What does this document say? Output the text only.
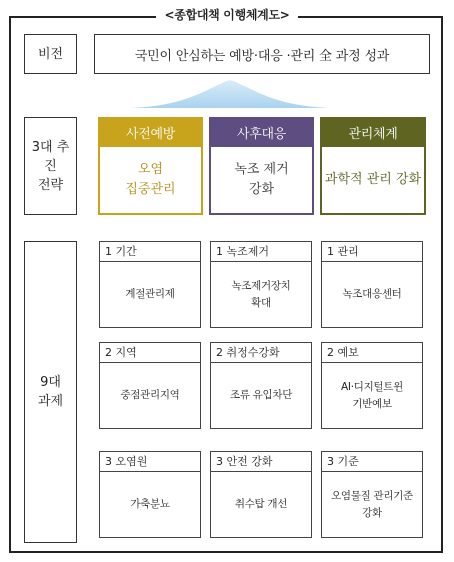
<종합대책 이행체계도>
비전	국민이 안심하는 예방·대응 ·관리 全 과정 성과
3대 추
진
전략
사전예방
오염
집중관리
사후대응
녹조 제거
강화
관리체계
과학적 관리 강화
9대
과제
1 기간
계절관리제
1 녹조제거
녹조제거장치
확대
1 관리
녹조대응센터
2 지역
중점관리지역
2 취정수강화
조류 유입차단
2 예보
AI·디지털트윈
기반예보
3 오염원
가축분뇨
3 안전 강화
취수탑 개선
3 기준
오염물질 관리기준
강화
